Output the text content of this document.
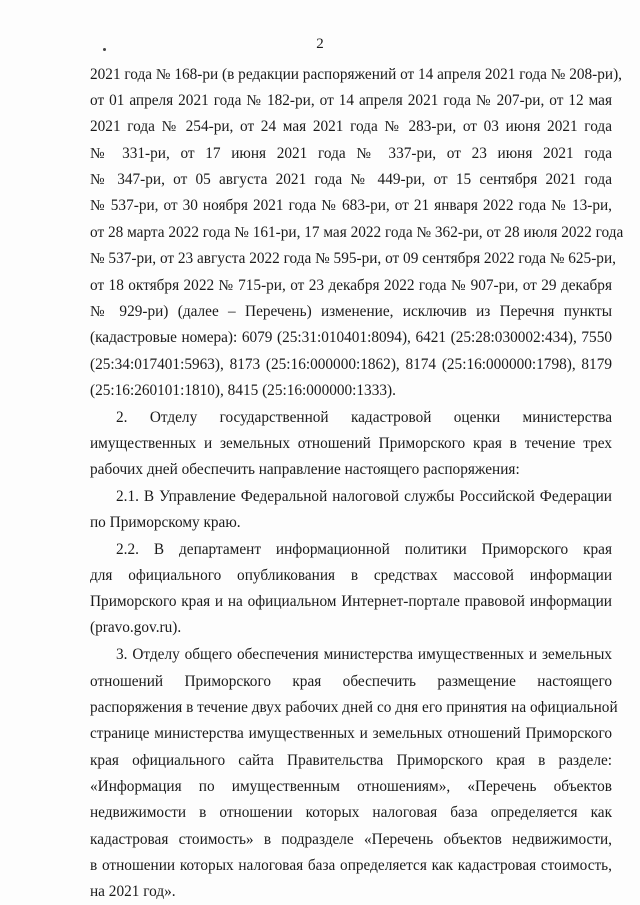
2
2021 года № 168-ри (в редакции распоряжений от 14 апреля 2021 года № 208-ри),
от 01 апреля 2021 года № 182-ри, от 14 апреля 2021 года № 207-ри, от 12 мая
2021 года № 254-ри, от 24 мая 2021 года № 283-ри, от 03 июня 2021 года
№ 331-ри, от 17 июня 2021 года № 337-ри, от 23 июня 2021 года
№ 347-ри, от 05 августа 2021 года № 449-ри, от 15 сентября 2021 года
№ 537-ри, от 30 ноября 2021 года № 683-ри, от 21 января 2022 года № 13-ри,
от 28 марта 2022 года № 161-ри, 17 мая 2022 года № 362-ри, от 28 июля 2022 года
№ 537-ри, от 23 августа 2022 года № 595-ри, от 09 сентября 2022 года № 625-ри,
от 18 октября 2022 № 715-ри, от 23 декабря 2022 года № 907-ри, от 29 декабря
№ 929-ри) (далее – Перечень) изменение, исключив из Перечня пункты
(кадастровые номера): 6079 (25:31:010401:8094), 6421 (25:28:030002:434), 7550
(25:34:017401:5963), 8173 (25:16:000000:1862), 8174 (25:16:000000:1798), 8179
(25:16:260101:1810), 8415 (25:16:000000:1333).
2. Отделу государственной кадастровой оценки министерства
имущественных и земельных отношений Приморского края в течение трех
рабочих дней обеспечить направление настоящего распоряжения:
2.1. В Управление Федеральной налоговой службы Российской Федерации
по Приморскому краю.
2.2. В департамент информационной политики Приморского края
для официального опубликования в средствах массовой информации
Приморского края и на официальном Интернет-портале правовой информации
(pravo.gov.ru).
3. Отделу общего обеспечения министерства имущественных и земельных
отношений Приморского края обеспечить размещение настоящего
распоряжения в течение двух рабочих дней со дня его принятия на официальной
странице министерства имущественных и земельных отношений Приморского
края официального сайта Правительства Приморского края в разделе:
«Информация по имущественным отношениям», «Перечень объектов
недвижимости в отношении которых налоговая база определяется как
кадастровая стоимость» в подразделе «Перечень объектов недвижимости,
в отношении которых налоговая база определяется как кадастровая стоимость,
на 2021 год».
